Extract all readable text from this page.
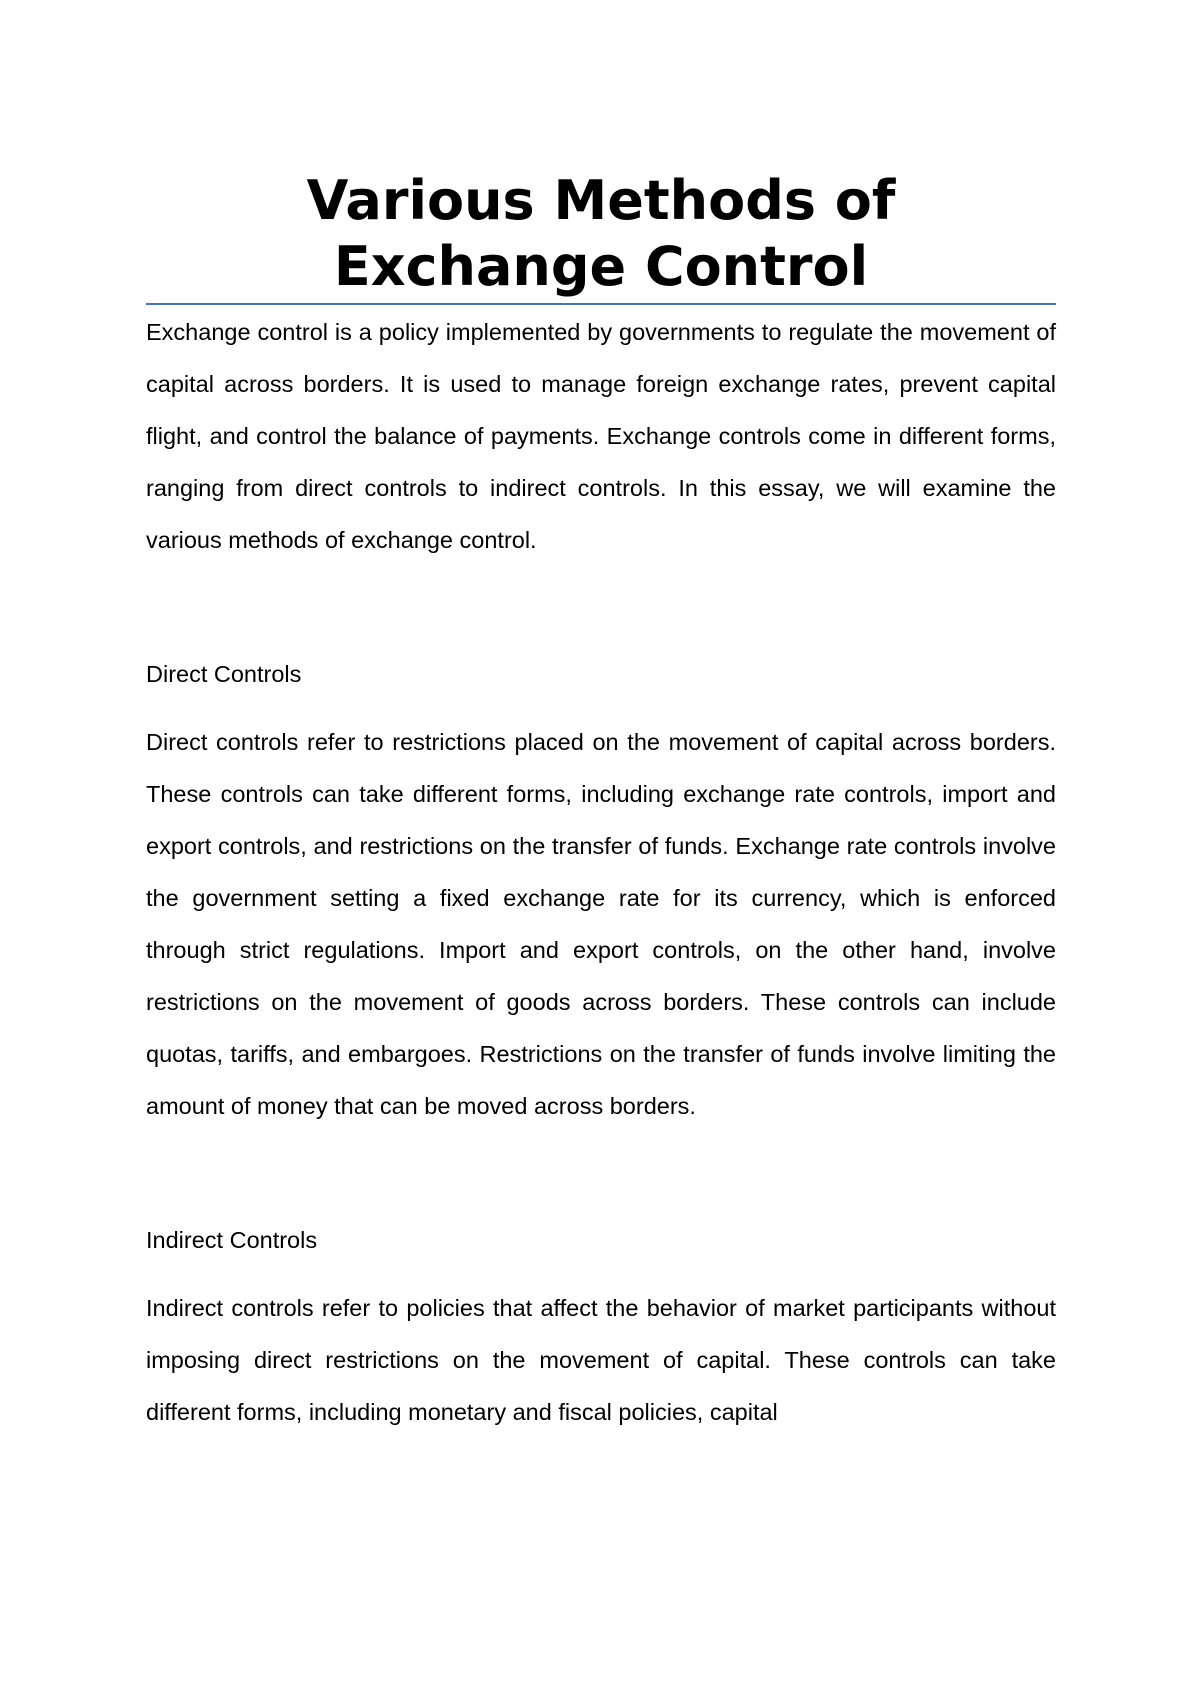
Various Methods of
Exchange Control

Exchange control is a policy implemented by governments to regulate the movement of capital across borders. It is used to manage foreign exchange rates, prevent capital flight, and control the balance of payments. Exchange controls come in different forms, ranging from direct controls to indirect controls. In this essay, we will examine the various methods of exchange control.

Direct Controls

Direct controls refer to restrictions placed on the movement of capital across borders. These controls can take different forms, including exchange rate controls, import and export controls, and restrictions on the transfer of funds. Exchange rate controls involve the government setting a fixed exchange rate for its currency, which is enforced through strict regulations. Import and export controls, on the other hand, involve restrictions on the movement of goods across borders. These controls can include quotas, tariffs, and embargoes. Restrictions on the transfer of funds involve limiting the amount of money that can be moved across borders.

Indirect Controls

Indirect controls refer to policies that affect the behavior of market participants without imposing direct restrictions on the movement of capital. These controls can take different forms, including monetary and fiscal policies, capital
